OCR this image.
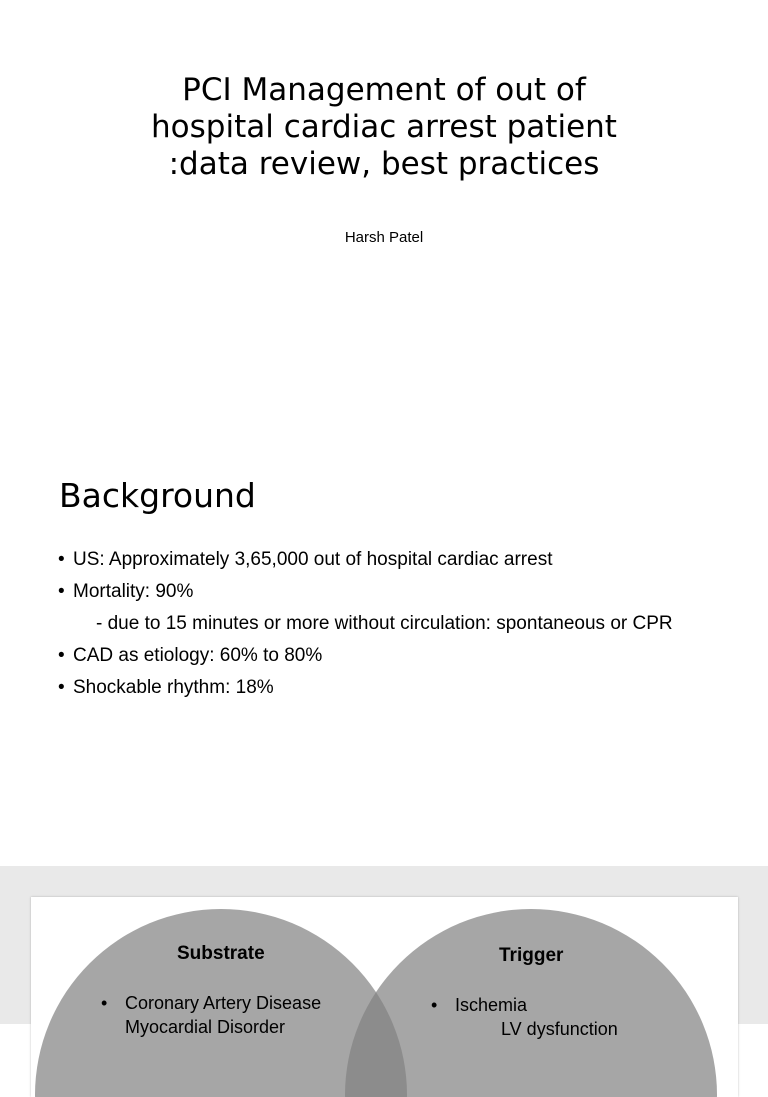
PCI Management of out of hospital cardiac arrest patient :data review, best practices
Harsh Patel
Background
• US: Approximately 3,65,000 out of hospital cardiac arrest
• Mortality: 90%
- due to 15 minutes or more without circulation: spontaneous or CPR
• CAD as etiology: 60% to 80%
• Shockable rhythm: 18%
Substrate	Trigger
• Coronary Artery Disease	• Ischemia
Myocardial Disorder	LV dysfunction
